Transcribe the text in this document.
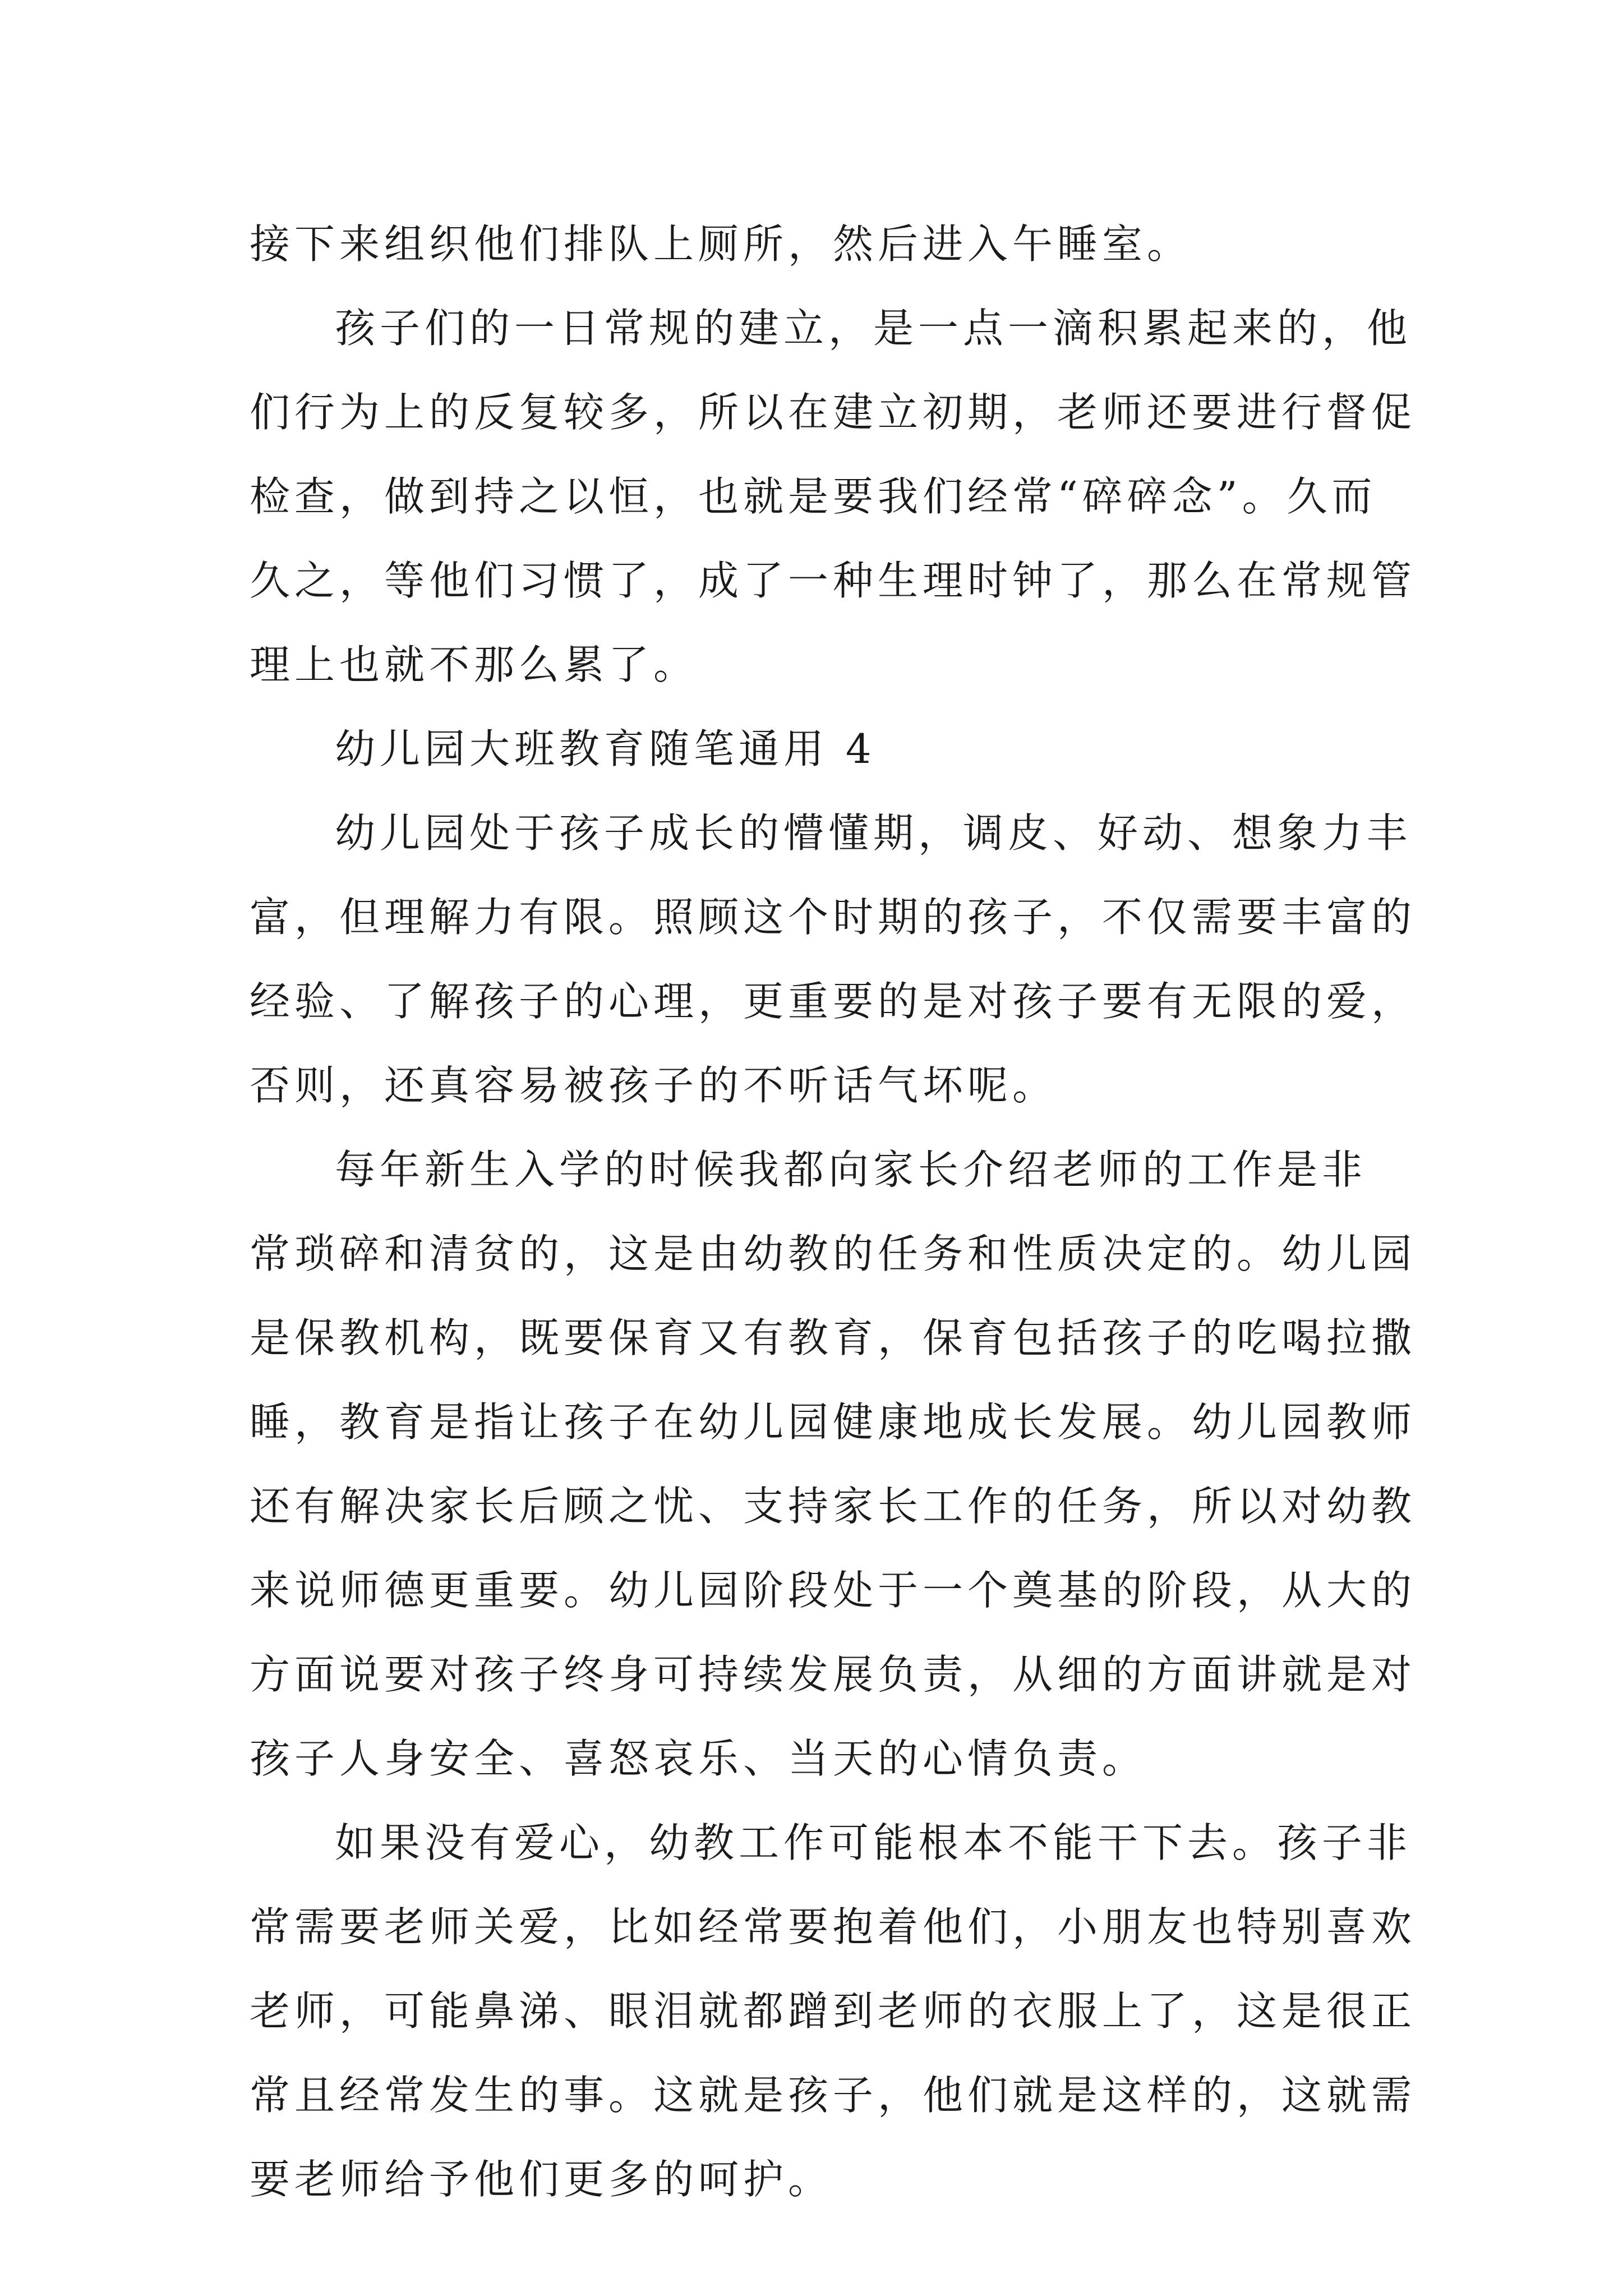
接下来组织他们排队上厕所，然后进入午睡室。
孩子们的一日常规的建立，是一点一滴积累起来的，他
们行为上的反复较多，所以在建立初期，老师还要进行督促
检查，做到持之以恒，也就是要我们经常“碎碎念”。久而
久之，等他们习惯了，成了一种生理时钟了，那么在常规管
理上也就不那么累了。
幼儿园大班教育随笔通用 4
幼儿园处于孩子成长的懵懂期，调皮、好动、想象力丰
富，但理解力有限。照顾这个时期的孩子，不仅需要丰富的
经验、了解孩子的心理，更重要的是对孩子要有无限的爱，
否则，还真容易被孩子的不听话气坏呢。
每年新生入学的时候我都向家长介绍老师的工作是非
常琐碎和清贫的，这是由幼教的任务和性质决定的。幼儿园
是保教机构，既要保育又有教育，保育包括孩子的吃喝拉撒
睡，教育是指让孩子在幼儿园健康地成长发展。幼儿园教师
还有解决家长后顾之忧、支持家长工作的任务，所以对幼教
来说师德更重要。幼儿园阶段处于一个奠基的阶段，从大的
方面说要对孩子终身可持续发展负责，从细的方面讲就是对
孩子人身安全、喜怒哀乐、当天的心情负责。
如果没有爱心，幼教工作可能根本不能干下去。孩子非
常需要老师关爱，比如经常要抱着他们，小朋友也特别喜欢
老师，可能鼻涕、眼泪就都蹭到老师的衣服上了，这是很正
常且经常发生的事。这就是孩子，他们就是这样的，这就需
要老师给予他们更多的呵护。
